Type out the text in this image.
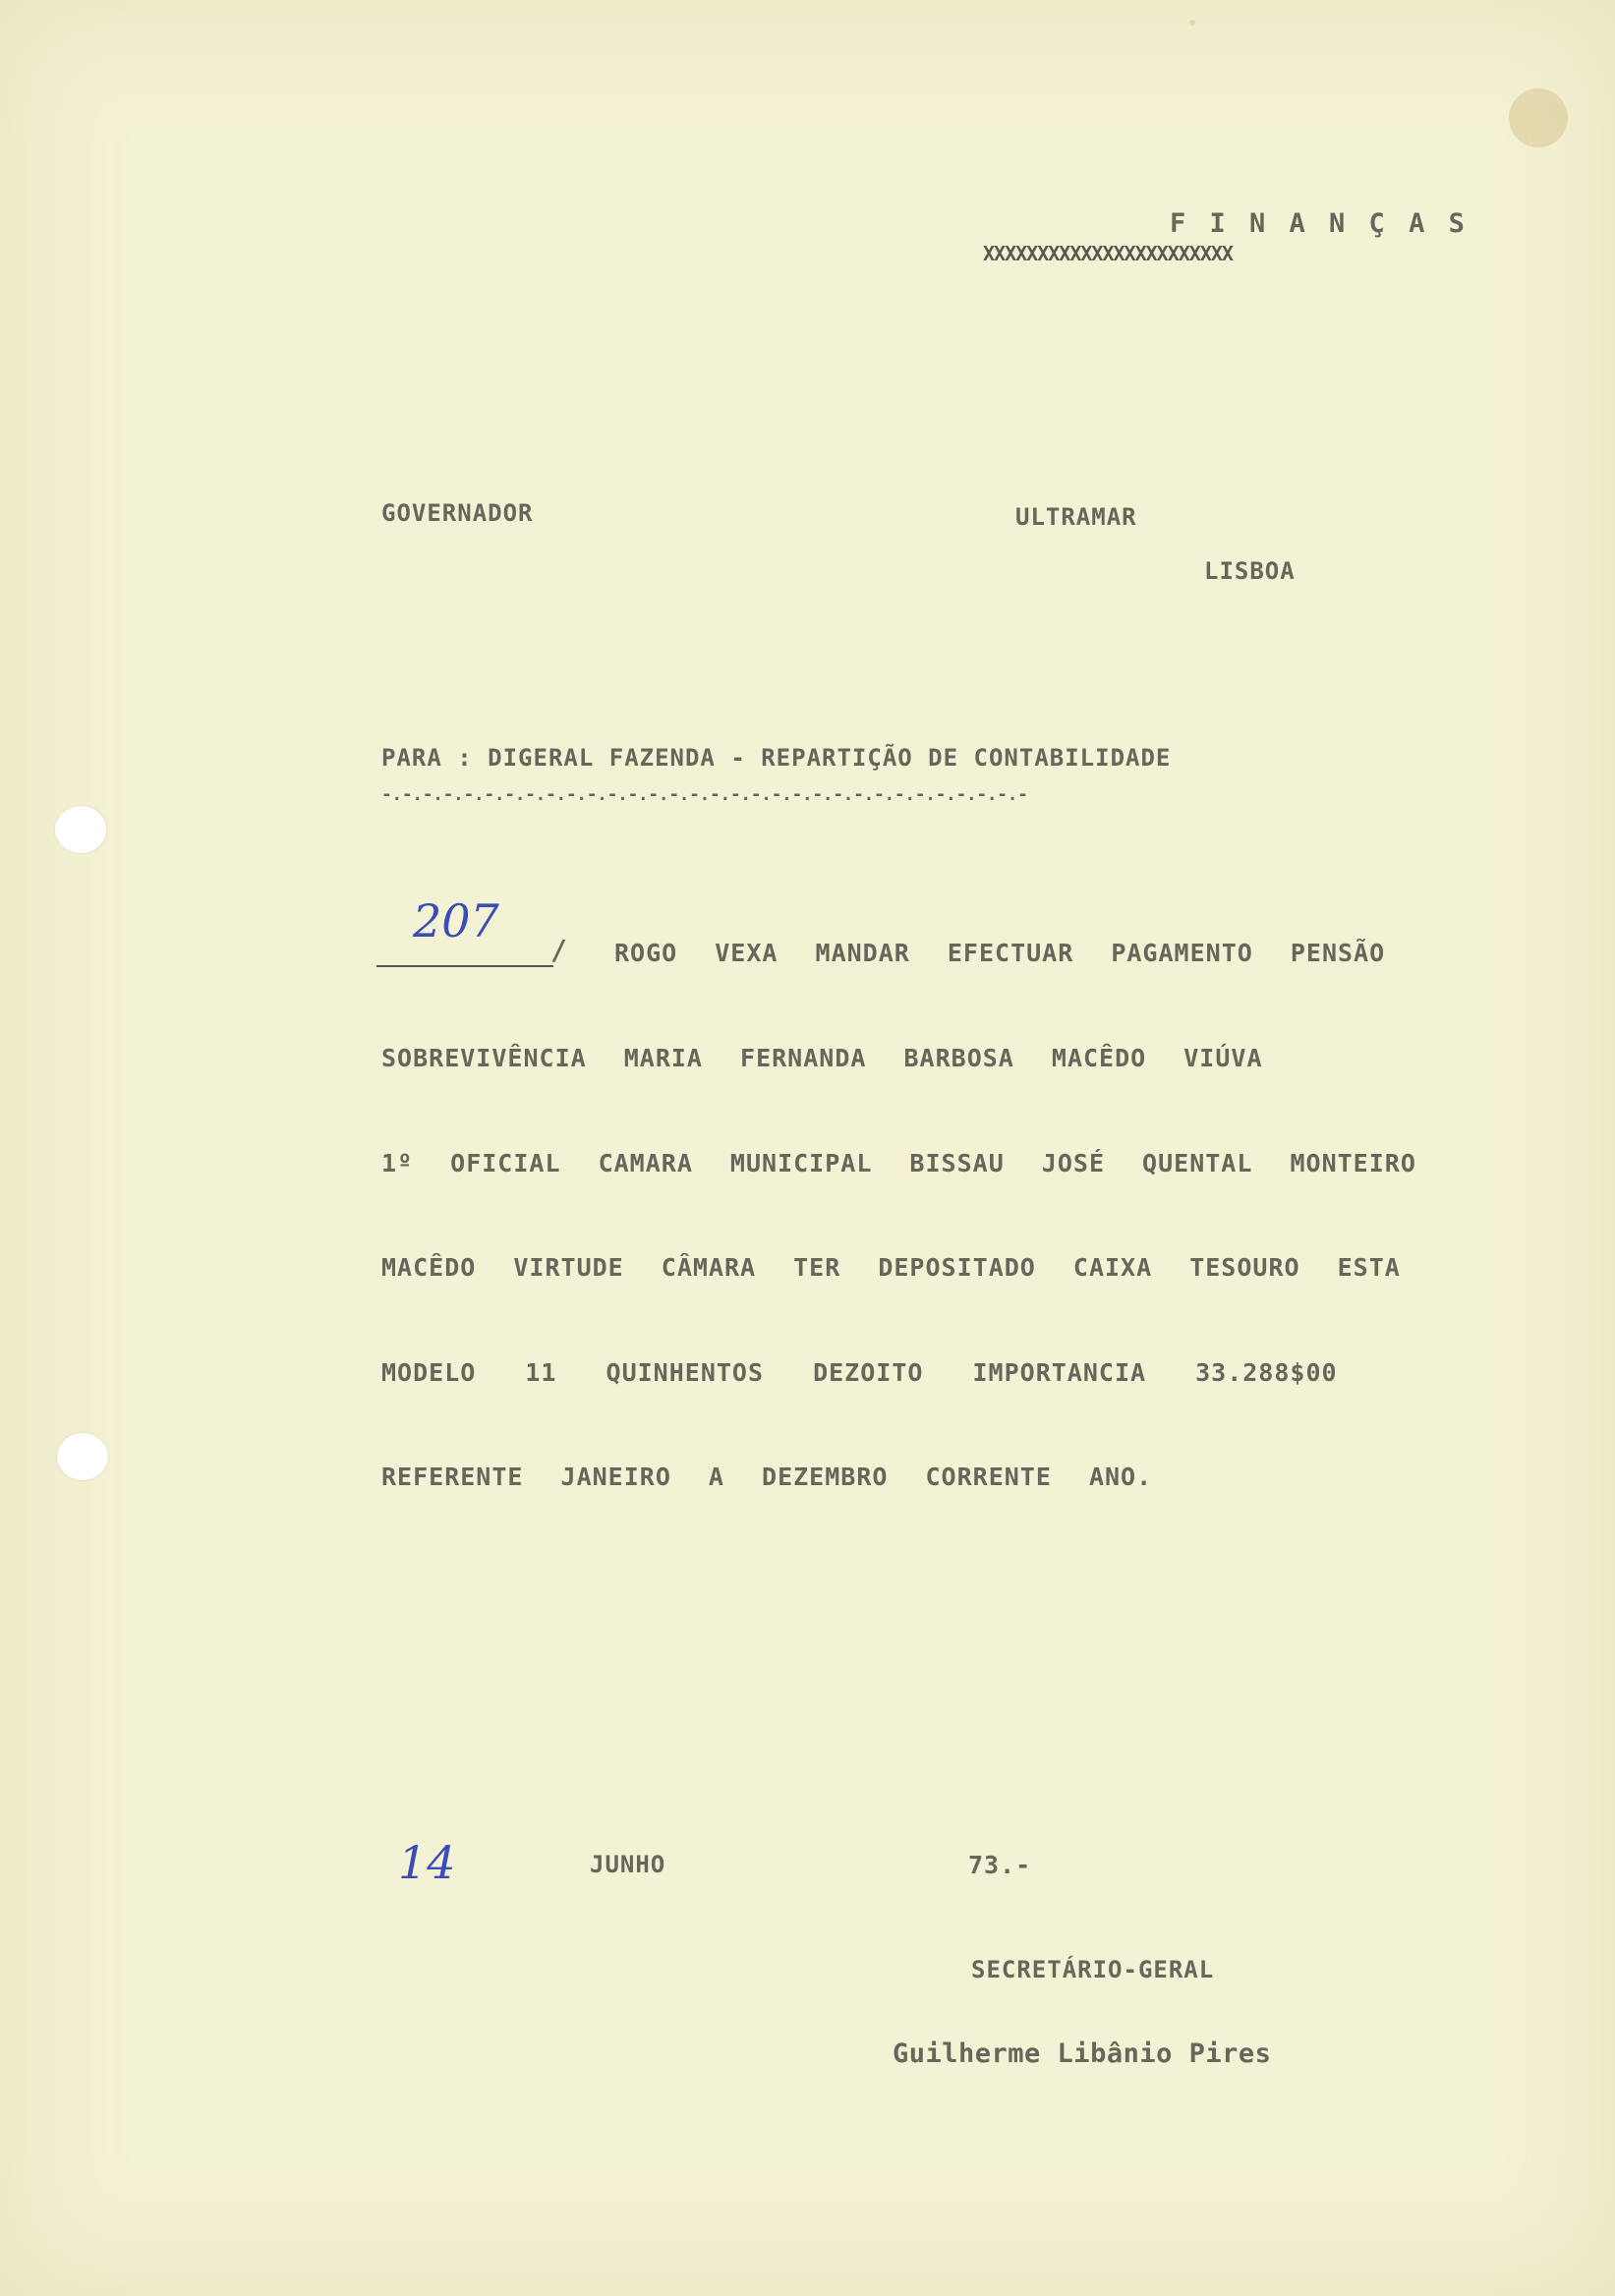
F I N A N Ç A S
XXXXXXXXXXXXXXXXXXXXXXX
GOVERNADOR	ULTRAMAR
LISBOA
PARA : DIGERAL FAZENDA - REPARTIÇÃO DE CONTABILIDADE
-.-.-.-.-.-.-.-.-.-.-.-.-.-.-.-.-.-.-.-.-.-.-.-.-.-.-.-.-.-.-.-
207
/ ROGO VEXA MANDAR EFECTUAR PAGAMENTO PENSÃO
SOBREVIVÊNCIA MARIA FERNANDA BARBOSA MACÊDO VIÚVA
1º OFICIAL CAMARA MUNICIPAL BISSAU JOSÉ QUENTAL MONTEIRO
MACÊDO VIRTUDE CÂMARA TER DEPOSITADO CAIXA TESOURO ESTA
MODELO 11 QUINHENTOS DEZOITO IMPORTANCIA 33.288$00
REFERENTE JANEIRO A DEZEMBRO CORRENTE ANO.
14	JUNHO	73.-
SECRETÁRIO-GERAL
Guilherme Libânio Pires
